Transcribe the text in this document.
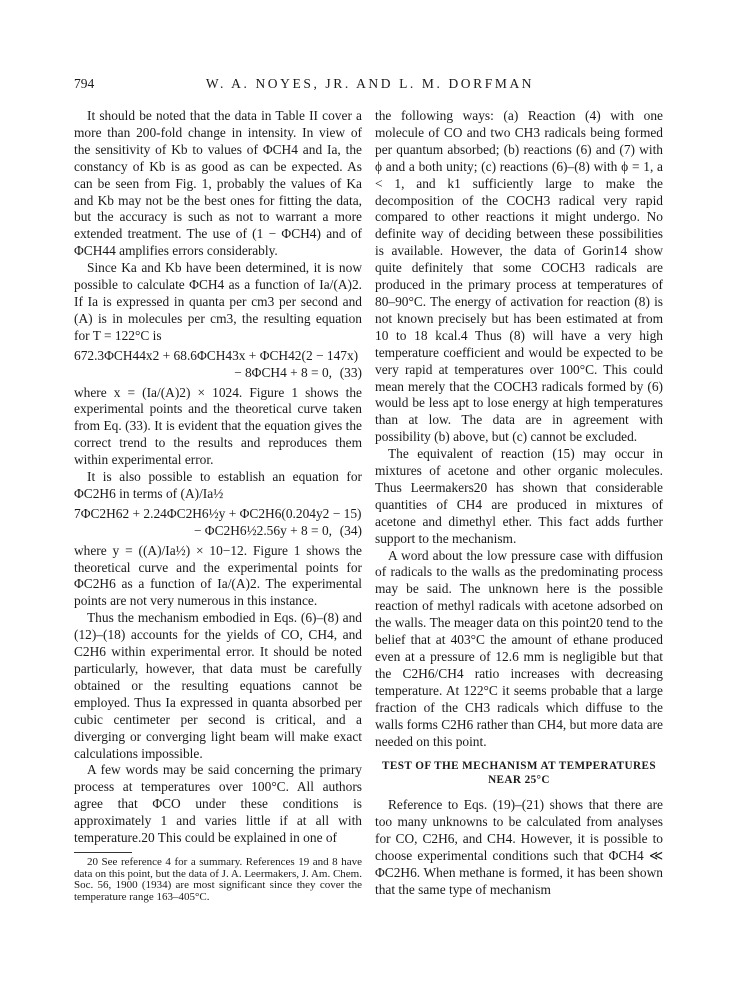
794	W. A. NOYES, JR. AND L. M. DORFMAN

It should be noted that the data in Table II cover a more than 200-fold change in intensity. In view of the sensitivity of Kb to values of ΦCH4 and Ia, the constancy of Kb is as good as can be expected. As can be seen from Fig. 1, probably the values of Ka and Kb may not be the best ones for fitting the data, but the accuracy is such as not to warrant a more extended treatment. The use of (1 − ΦCH4) and of ΦCH44 amplifies errors considerably.

Since Ka and Kb have been determined, it is now possible to calculate ΦCH4 as a function of Ia/(A)2. If Ia is expressed in quanta per cm3 per second and (A) is in molecules per cm3, the resulting equation for T = 122°C is

672.3ΦCH44x2 + 68.6ΦCH43x + ΦCH42(2 − 147x)
− 8ΦCH4 + 8 = 0, (33)

where x = (Ia/(A)2) × 1024. Figure 1 shows the experimental points and the theoretical curve taken from Eq. (33). It is evident that the equation gives the correct trend to the results and reproduces them within experimental error.

It is also possible to establish an equation for ΦC2H6 in terms of (A)/Ia½

7ΦC2H62 + 2.24ΦC2H6½y + ΦC2H6(0.204y2 − 15)
− ΦC2H6½2.56y + 8 = 0, (34)

where y = ((A)/Ia½) × 10−12. Figure 1 shows the theoretical curve and the experimental points for ΦC2H6 as a function of Ia/(A)2. The experimental points are not very numerous in this instance.

Thus the mechanism embodied in Eqs. (6)–(8) and (12)–(18) accounts for the yields of CO, CH4, and C2H6 within experimental error. It should be noted particularly, however, that data must be carefully obtained or the resulting equations cannot be employed. Thus Ia expressed in quanta absorbed per cubic centimeter per second is critical, and a diverging or converging light beam will make exact calculations impossible.

A few words may be said concerning the primary process at temperatures over 100°C. All authors agree that ΦCO under these conditions is approximately 1 and varies little if at all with temperature.20 This could be explained in one of

20 See reference 4 for a summary. References 19 and 8 have data on this point, but the data of J. A. Leermakers, J. Am. Chem. Soc. 56, 1900 (1934) are most significant since they cover the temperature range 163–405°C.

the following ways: (a) Reaction (4) with one molecule of CO and two CH3 radicals being formed per quantum absorbed; (b) reactions (6) and (7) with ϕ and a both unity; (c) reactions (6)–(8) with ϕ = 1, a < 1, and k1 sufficiently large to make the decomposition of the COCH3 radical very rapid compared to other reactions it might undergo. No definite way of deciding between these possibilities is available. However, the data of Gorin14 show quite definitely that some COCH3 radicals are produced in the primary process at temperatures of 80–90°C. The energy of activation for reaction (8) is not known precisely but has been estimated at from 10 to 18 kcal.4 Thus (8) will have a very high temperature coefficient and would be expected to be very rapid at temperatures over 100°C. This could mean merely that the COCH3 radicals formed by (6) would be less apt to lose energy at high temperatures than at low. The data are in agreement with possibility (b) above, but (c) cannot be excluded.

The equivalent of reaction (15) may occur in mixtures of acetone and other organic molecules. Thus Leermakers20 has shown that considerable quantities of CH4 are produced in mixtures of acetone and dimethyl ether. This fact adds further support to the mechanism.

A word about the low pressure case with diffusion of radicals to the walls as the predominating process may be said. The unknown here is the possible reaction of methyl radicals with acetone adsorbed on the walls. The meager data on this point20 tend to the belief that at 403°C the amount of ethane produced even at a pressure of 12.6 mm is negligible but that the C2H6/CH4 ratio increases with decreasing temperature. At 122°C it seems probable that a large fraction of the CH3 radicals which diffuse to the walls forms C2H6 rather than CH4, but more data are needed on this point.

TEST OF THE MECHANISM AT TEMPERATURES NEAR 25°C

Reference to Eqs. (19)–(21) shows that there are too many unknowns to be calculated from analyses for CO, C2H6, and CH4. However, it is possible to choose experimental conditions such that ΦCH4 ≪ ΦC2H6. When methane is formed, it has been shown that the same type of mechanism
